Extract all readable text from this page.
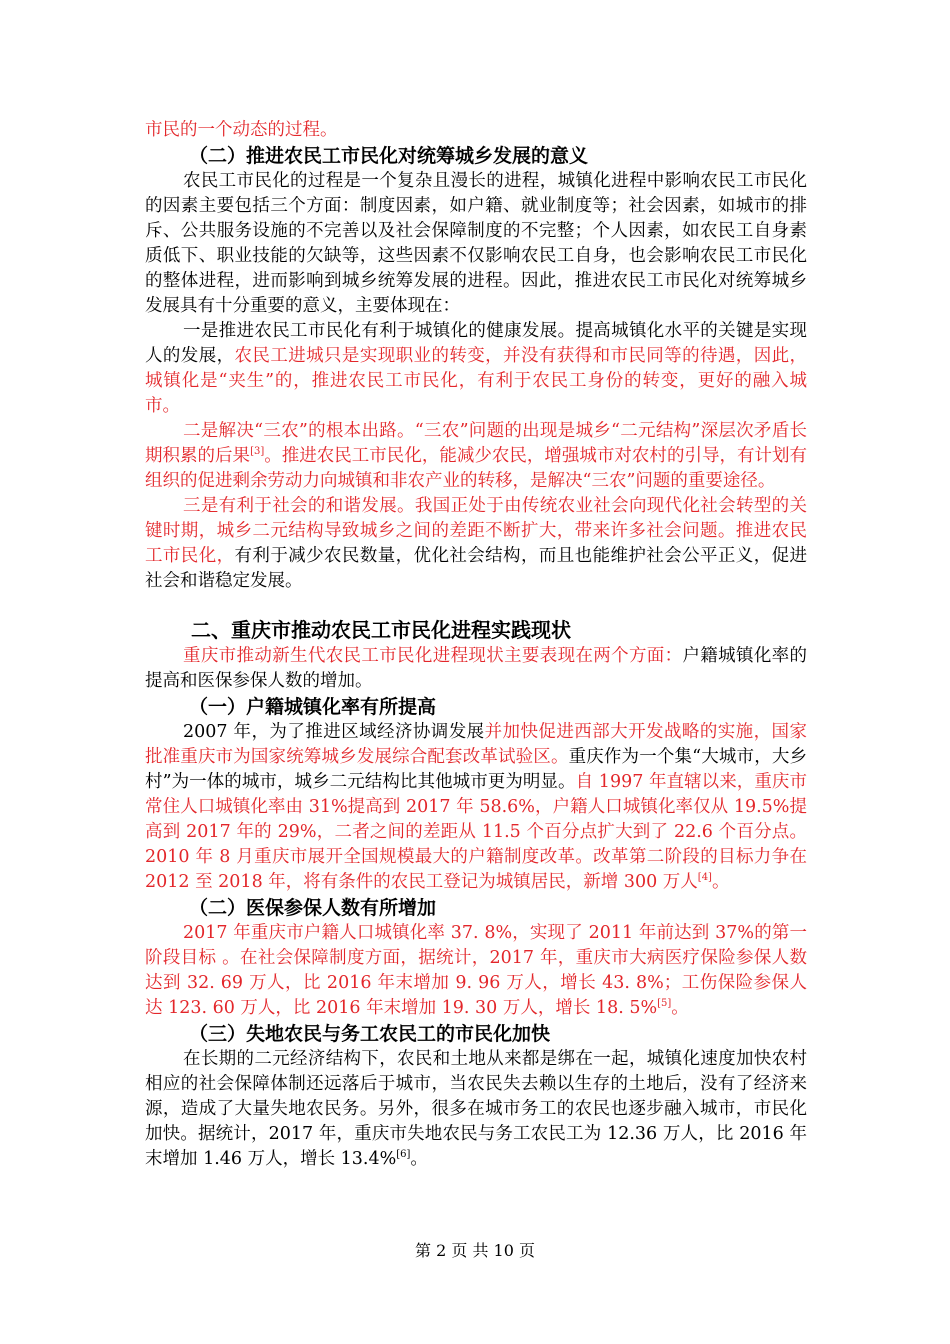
市民的一个动态的过程。

（二）推进农民工市民化对统筹城乡发展的意义

农民工市民化的过程是一个复杂且漫长的进程，城镇化进程中影响农民工市民化的因素主要包括三个方面：制度因素，如户籍、就业制度等；社会因素，如城市的排斥、公共服务设施的不完善以及社会保障制度的不完整；个人因素，如农民工自身素质低下、职业技能的欠缺等，这些因素不仅影响农民工自身，也会影响农民工市民化的整体进程，进而影响到城乡统筹发展的进程。因此，推进农民工市民化对统筹城乡发展具有十分重要的意义，主要体现在：

一是推进农民工市民化有利于城镇化的健康发展。提高城镇化水平的关键是实现人的发展，农民工进城只是实现职业的转变，并没有获得和市民同等的待遇，因此，城镇化是“夹生”的，推进农民工市民化，有利于农民工身份的转变，更好的融入城市。

二是解决“三农”的根本出路。“三农”问题的出现是城乡“二元结构”深层次矛盾长期积累的后果[3]。推进农民工市民化，能减少农民，增强城市对农村的引导，有计划有组织的促进剩余劳动力向城镇和非农产业的转移，是解决“三农”问题的重要途径。

三是有利于社会的和谐发展。我国正处于由传统农业社会向现代化社会转型的关键时期，城乡二元结构导致城乡之间的差距不断扩大，带来许多社会问题。推进农民工市民化，有利于减少农民数量，优化社会结构，而且也能维护社会公平正义，促进社会和谐稳定发展。

二、重庆市推动农民工市民化进程实践现状

重庆市推动新生代农民工市民化进程现状主要表现在两个方面：户籍城镇化率的提高和医保参保人数的增加。

（一）户籍城镇化率有所提高

2007 年，为了推进区域经济协调发展并加快促进西部大开发战略的实施，国家批准重庆市为国家统筹城乡发展综合配套改革试验区。重庆作为一个集“大城市，大乡村”为一体的城市，城乡二元结构比其他城市更为明显。自 1997 年直辖以来，重庆市常住人口城镇化率由 31%提高到 2017 年 58.6%，户籍人口城镇化率仅从 19.5%提高到 2017 年的 29%，二者之间的差距从 11.5 个百分点扩大到了 22.6 个百分点。2010 年 8 月重庆市展开全国规模最大的户籍制度改革。改革第二阶段的目标力争在 2012 至 2018 年，将有条件的农民工登记为城镇居民，新增 300 万人[4]。

（二）医保参保人数有所增加

2017 年重庆市户籍人口城镇化率 37. 8%，实现了 2011 年前达到 37%的第一阶段目标 。在社会保障制度方面，据统计，2017 年，重庆市大病医疗保险参保人数达到 32. 69 万人，比 2016 年末增加 9. 96 万人，增长 43. 8%；工伤保险参保人达 123. 60 万人，比 2016 年末增加 19. 30 万人，增长 18. 5%[5]。

（三）失地农民与务工农民工的市民化加快

在长期的二元经济结构下，农民和土地从来都是绑在一起，城镇化速度加快农村相应的社会保障体制还远落后于城市，当农民失去赖以生存的土地后，没有了经济来源，造成了大量失地农民务。另外，很多在城市务工的农民也逐步融入城市，市民化加快。据统计，2017 年，重庆市失地农民与务工农民工为 12.36 万人，比 2016 年末增加 1.46 万人，增长 13.4%[6]。

第 2 页 共 10 页
